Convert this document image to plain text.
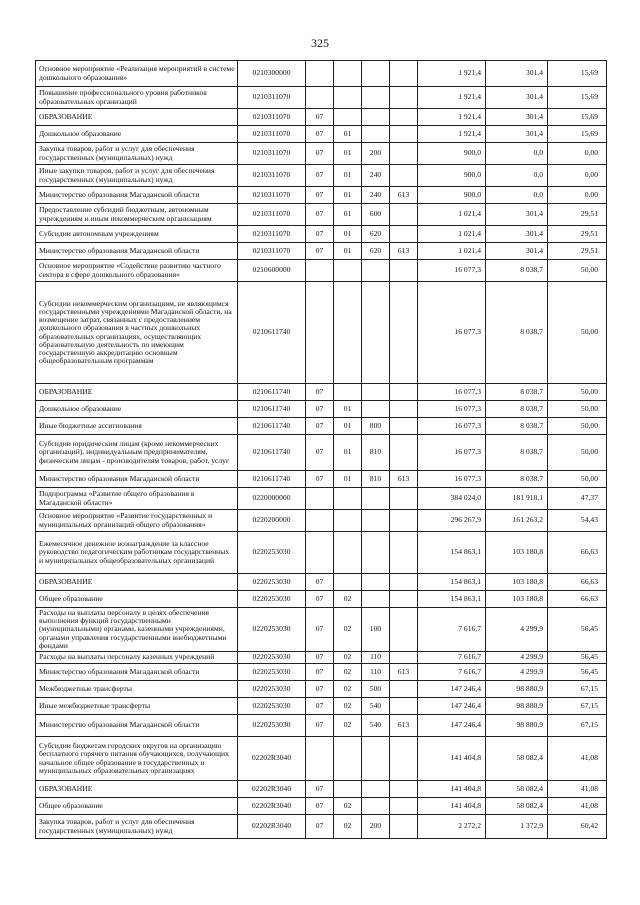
325
Основное мероприятие «Реализация мероприятий в системе дошкольного образования»	0210300000					1 921,4	301,4	15,69
Повышение профессионального уровня работников образовательных организаций	0210311070					1 921,4	301,4	15,69
ОБРАЗОВАНИЕ	0210311070	07				1 921,4	301,4	15,69
Дошкольное образование	0210311070	07	01			1 921,4	301,4	15,69
Закупка товаров, работ и услуг для обеспечения государственных (муниципальных) нужд	0210311070	07	01	200		900,0	0,0	0,00
Иные закупки товаров, работ и услуг для обеспечения государственных (муниципальных) нужд	0210311070	07	01	240		900,0	0,0	0,00
Министерство образования Магаданской области	0210311070	07	01	240	613	900,0	0,0	0,00
Предоставление субсидий бюджетным, автономным учреждениям и иным некоммерческим организациям	0210311070	07	01	600		1 021,4	301,4	29,51
Субсидии автономным учреждениям	0210311070	07	01	620		1 021,4	301,4	29,51
Министерство образования Магаданской области	0210311070	07	01	620	613	1 021,4	301,4	29,51
Основное мероприятие «Содействие развитию частного сектора в сфере дошкольного образования»	0210600000					16 077,3	8 038,7	50,00
Субсидии некоммерческим организациям, не являющимся государственными учреждениями Магаданской области, на возмещение затрат, связанных с предоставлением дошкольного образования в частных дошкольных образовательных организациях, осуществляющих образовательную деятельность по имеющим государственную аккредитацию основным общеобразовательным программам	0210611740					16 077,3	8 038,7	50,00
ОБРАЗОВАНИЕ	0210611740	07				16 077,3	8 038,7	50,00
Дошкольное образование	0210611740	07	01			16 077,3	8 038,7	50,00
Иные бюджетные ассигнования	0210611740	07	01	800		16 077,3	8 038,7	50,00
Субсидии юридическим лицам (кроме некоммерческих организаций), индивидуальным предпринимателям, физическим лицам - производителям товаров, работ, услуг	0210611740	07	01	810		16 077,3	8 038,7	50,00
Министерство образования Магаданской области	0210611740	07	01	810	613	16 077,3	8 038,7	50,00
Подпрограмма «Развитие общего образования в Магаданской области»	0220000000					384 024,0	181 918,1	47,37
Основное мероприятие «Развитие государственных и муниципальных организаций общего образования»	0220200000					296 267,9	161 263,2	54,43
Ежемесячное денежное вознаграждение за классное руководство педагогическим работникам государственных и муниципальных общеобразовательных организаций	0220253030					154 863,1	103 180,8	66,63
ОБРАЗОВАНИЕ	0220253030	07				154 863,1	103 180,8	66,63
Общее образование	0220253030	07	02			154 863,1	103 180,8	66,63
Расходы на выплаты персоналу в целях обеспечения выполнения функций государственными (муниципальными) органами, казенными учреждениями, органами управления государственными внебюджетными фондами	0220253030	07	02	100		7 616,7	4 299,9	56,45
Расходы на выплаты персоналу казенных учреждений	0220253030	07	02	110		7 616,7	4 299,9	56,45
Министерство образования Магаданской области	0220253030	07	02	110	613	7 616,7	4 299,9	56,45
Межбюджетные трансферты	0220253030	07	02	500		147 246,4	98 880,9	67,15
Иные межбюджетные трансферты	0220253030	07	02	540		147 246,4	98 880,9	67,15
Министерство образования Магаданской области	0220253030	07	02	540	613	147 246,4	98 880,9	67,15
Субсидии бюджетам городских округов на организацию бесплатного горячего питания обучающихся, получающих начальное общее образование в государственных и муниципальных образовательных организациях	02202R3040					141 404,8	58 082,4	41,08
ОБРАЗОВАНИЕ	02202R3040	07				141 404,8	58 082,4	41,08
Общее образование	02202R3040	07	02			141 404,8	58 082,4	41,08
Закупка товаров, работ и услуг для обеспечения государственных (муниципальных) нужд	02202R3040	07	02	200		2 272,2	1 372,9	60,42
